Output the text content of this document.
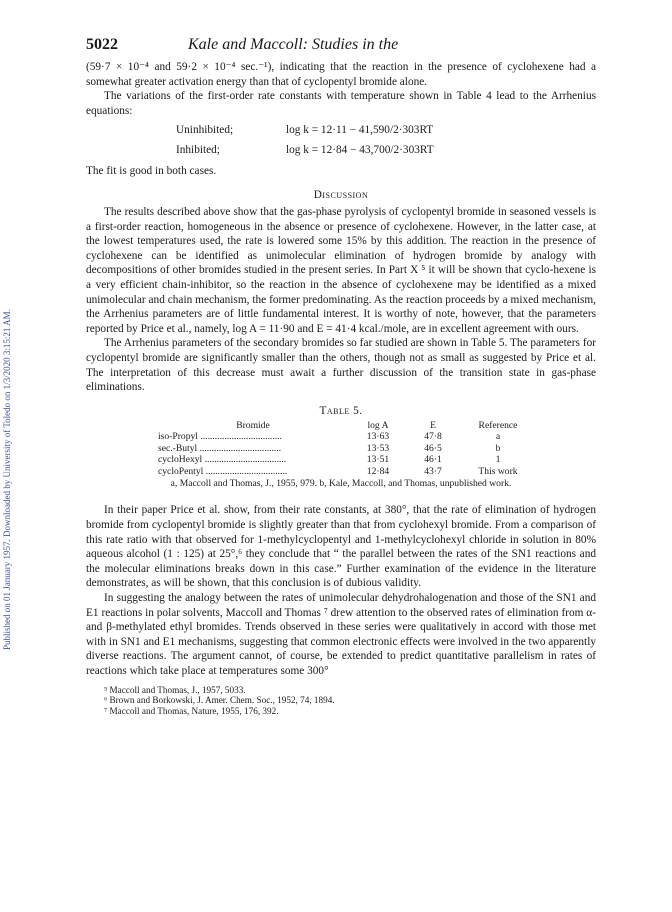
Published on 01 January 1957. Downloaded by University of Toledo on 1/3/2020 3:15:21 AM.
5022	Kale and Maccoll: Studies in the

(59·7 × 10⁻⁴ and 59·2 × 10⁻⁴ sec.⁻¹), indicating that the reaction in the presence of cyclohexene had a somewhat greater activation energy than that of cyclopentyl bromide alone.

The variations of the first-order rate constants with temperature shown in Table 4 lead to the Arrhenius equations:

Uninhibited;	log k = 12·11 − 41,590/2·303RT
Inhibited;	log k = 12·84 − 43,700/2·303RT

The fit is good in both cases.

Discussion

The results described above show that the gas-phase pyrolysis of cyclopentyl bromide in seasoned vessels is a first-order reaction, homogeneous in the absence or presence of cyclohexene. However, in the latter case, at the lowest temperatures used, the rate is lowered some 15% by this addition. The reaction in the presence of cyclohexene can be identified as unimolecular elimination of hydrogen bromide by analogy with decompositions of other bromides studied in the present series. In Part X ⁵ it will be shown that cyclo-hexene is a very efficient chain-inhibitor, so the reaction in the absence of cyclohexene may be identified as a mixed unimolecular and chain mechanism, the former predominating. As the reaction proceeds by a mixed mechanism, the Arrhenius parameters are of little fundamental interest. It is worthy of note, however, that the parameters reported by Price et al., namely, log A = 11·90 and E = 41·4 kcal./mole, are in excellent agreement with ours.

The Arrhenius parameters of the secondary bromides so far studied are shown in Table 5. The parameters for cyclopentyl bromide are significantly smaller than the others, though not as small as suggested by Price et al. The interpretation of this decrease must await a further discussion of the transition state in gas-phase eliminations.

Table 5.
Bromide	log A	E	Reference
iso-Propyl ..................................	13·63	47·8	a
sec.-Butyl ..................................	13·53	46·5	b
cycloHexyl ..................................	13·51	46·1	1
cycloPentyl ..................................	12·84	43·7	This work
a, Maccoll and Thomas, J., 1955, 979. b, Kale, Maccoll, and Thomas, unpublished work.

In their paper Price et al. show, from their rate constants, at 380°, that the rate of elimination of hydrogen bromide from cyclopentyl bromide is slightly greater than that from cyclohexyl bromide. From a comparison of this rate ratio with that observed for 1-methylcyclopentyl and 1-methylcyclohexyl chloride in solution in 80% aqueous alcohol (1 : 125) at 25°,⁶ they conclude that “ the parallel between the rates of the SN1 reactions and the molecular eliminations breaks down in this case.” Further examination of the evidence in the literature demonstrates, as will be shown, that this conclusion is of dubious validity.

In suggesting the analogy between the rates of unimolecular dehydrohalogenation and those of the SN1 and E1 reactions in polar solvents, Maccoll and Thomas ⁷ drew attention to the observed rates of elimination from α- and β-methylated ethyl bromides. Trends observed in these series were qualitatively in accord with those met with in SN1 and E1 mechanisms, suggesting that common electronic effects were involved in the two apparently diverse reactions. The argument cannot, of course, be extended to predict quantitative parallelism in rates of reactions which take place at temperatures some 300°

⁵ Maccoll and Thomas, J., 1957, 5033.
⁶ Brown and Borkowski, J. Amer. Chem. Soc., 1952, 74, 1894.
⁷ Maccoll and Thomas, Nature, 1955, 176, 392.
